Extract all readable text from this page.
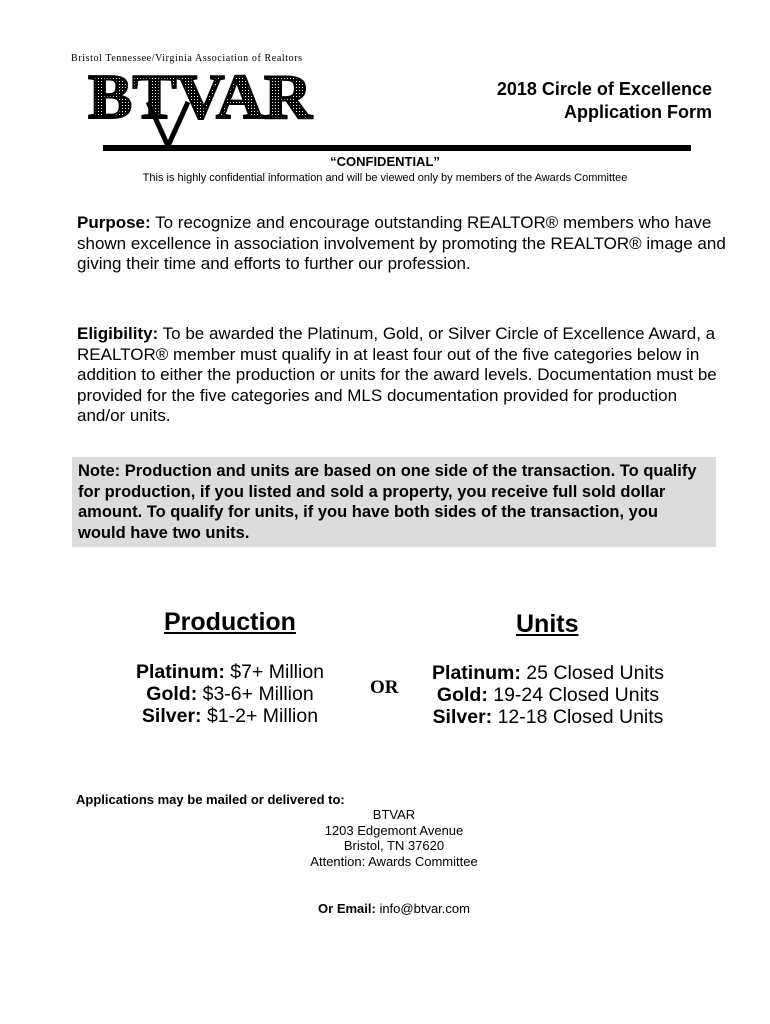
Bristol Tennessee/Virginia Association of Realtors
BTVAR	2018 Circle of Excellence
Application Form
“CONFIDENTIAL”
This is highly confidential information and will be viewed only by members of the Awards Committee
Purpose: To recognize and encourage outstanding REALTOR® members who have shown excellence in association involvement by promoting the REALTOR® image and giving their time and efforts to further our profession.
Eligibility: To be awarded the Platinum, Gold, or Silver Circle of Excellence Award, a REALTOR® member must qualify in at least four out of the five categories below in addition to either the production or units for the award levels. Documentation must be provided for the five categories and MLS documentation provided for production and/or units.
Note: Production and units are based on one side of the transaction. To qualify for production, if you listed and sold a property, you receive full sold dollar amount. To qualify for units, if you have both sides of the transaction, you would have two units.
Production	Units
Platinum: $7+ Million
Gold: $3-6+ Million
Silver: $1-2+ Million
OR
Platinum: 25 Closed Units
Gold: 19-24 Closed Units
Silver: 12-18 Closed Units
Applications may be mailed or delivered to:
BTVAR
1203 Edgemont Avenue
Bristol, TN 37620
Attention: Awards Committee
Or Email: info@btvar.com
